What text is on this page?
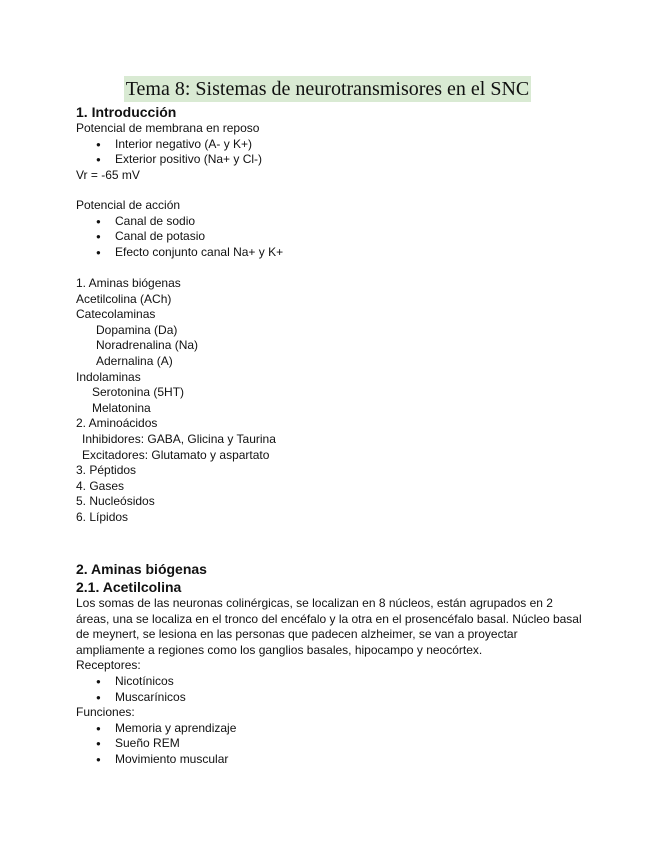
Tema 8: Sistemas de neurotransmisores en el SNC
1. Introducción
Potencial de membrana en reposo
● Interior negativo (A- y K+)
● Exterior positivo (Na+ y Cl-)
Vr = -65 mV
Potencial de acción
● Canal de sodio
● Canal de potasio
● Efecto conjunto canal Na+ y K+
1. Aminas biógenas
Acetilcolina (ACh)
Catecolaminas
Dopamina (Da)
Noradrenalina (Na)
Adernalina (A)
Indolaminas
Serotonina (5HT)
Melatonina
2. Aminoácidos
Inhibidores: GABA, Glicina y Taurina
Excitadores: Glutamato y aspartato
3. Péptidos
4. Gases
5. Nucleósidos
6. Lípidos
2. Aminas biógenas
2.1. Acetilcolina
Los somas de las neuronas colinérgicas, se localizan en 8 núcleos, están agrupados en 2 áreas, una se localiza en el tronco del encéfalo y la otra en el prosencéfalo basal. Núcleo basal de meynert, se lesiona en las personas que padecen alzheimer, se van a proyectar ampliamente a regiones como los ganglios basales, hipocampo y neocórtex.
Receptores:
● Nicotínicos
● Muscarínicos
Funciones:
● Memoria y aprendizaje
● Sueño REM
● Movimiento muscular
